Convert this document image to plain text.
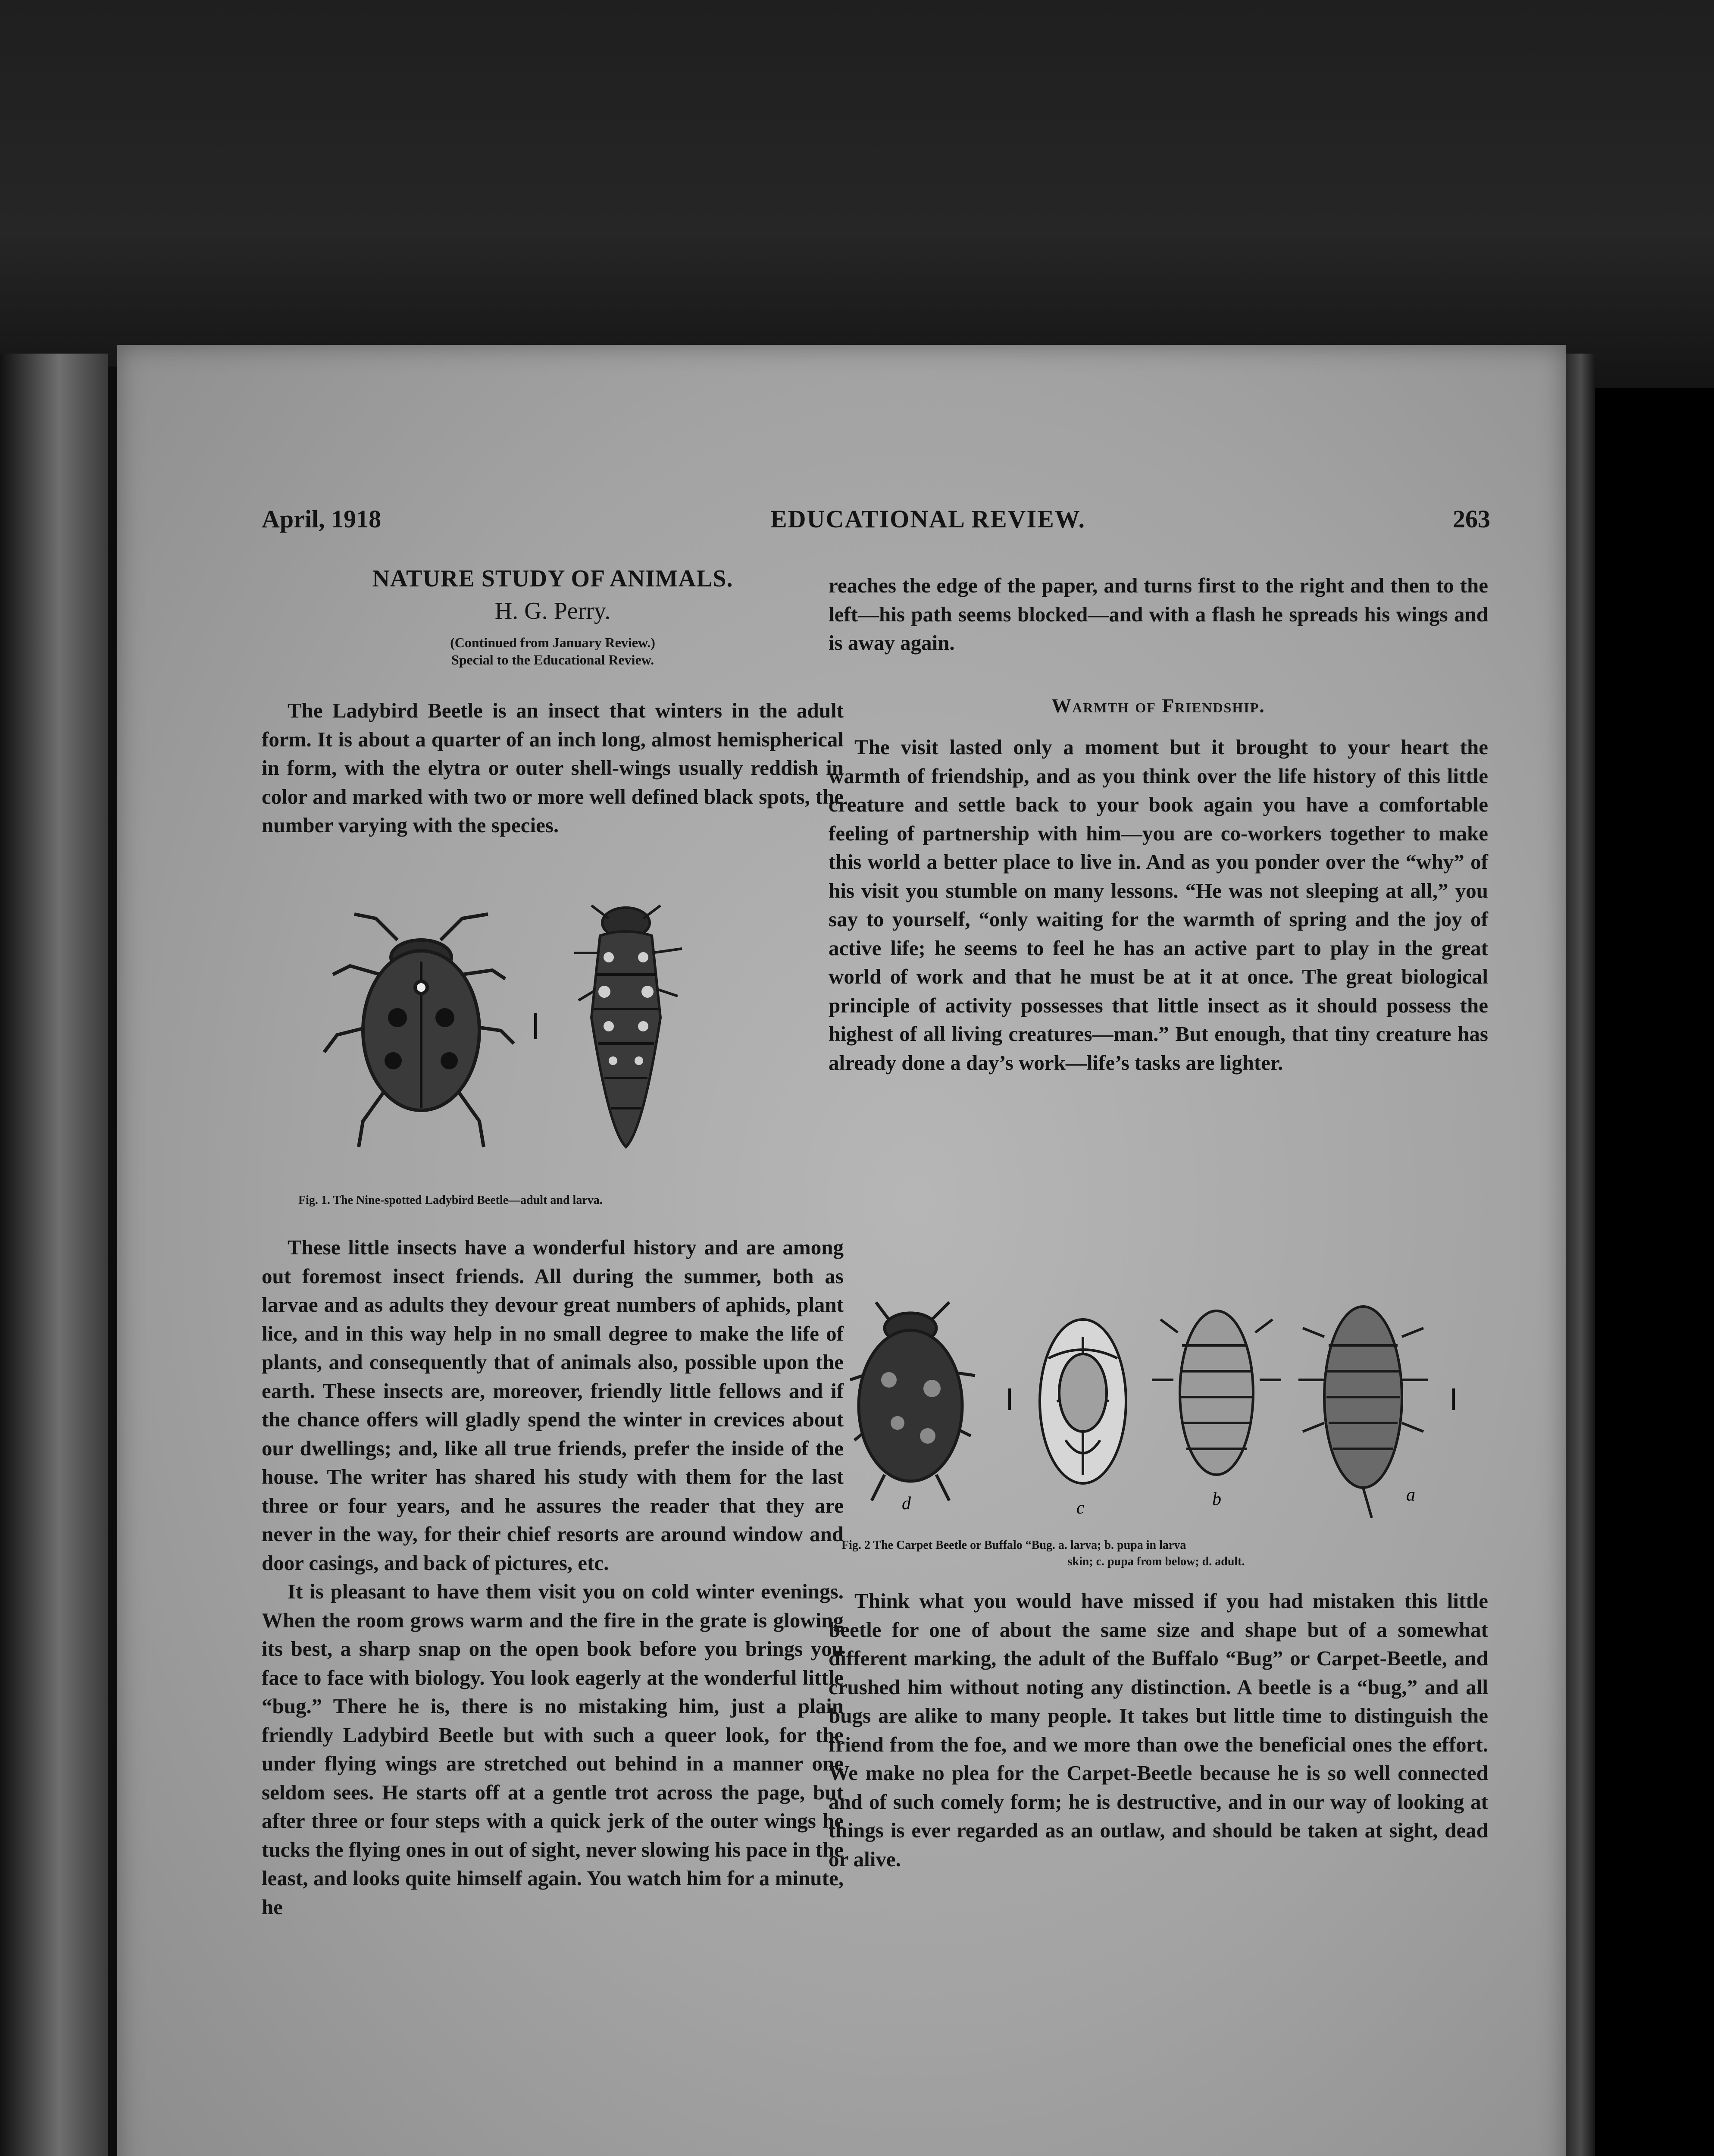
April, 1918	EDUCATIONAL REVIEW.	263
NATURE STUDY OF ANIMALS.
H. G. Perry.
(Continued from January Review.)
Special to the Educational Review.

The Ladybird Beetle is an insect that winters in the adult form. It is about a quarter of an inch long, almost hemispherical in form, with the elytra or outer shell-wings usually reddish in color and marked with two or more well defined black spots, the number varying with the species.

Fig. 1. The Nine-spotted Ladybird Beetle—adult and larva.

These little insects have a wonderful history and are among out foremost insect friends. All during the summer, both as larvae and as adults they devour great numbers of aphids, plant lice, and in this way help in no small degree to make the life of plants, and consequently that of animals also, possible upon the earth. These insects are, moreover, friendly little fellows and if the chance offers will gladly spend the winter in crevices about our dwellings; and, like all true friends, prefer the inside of the house. The writer has shared his study with them for the last three or four years, and he assures the reader that they are never in the way, for their chief resorts are around window and door casings, and back of pictures, etc.

It is pleasant to have them visit you on cold winter evenings. When the room grows warm and the fire in the grate is glowing its best, a sharp snap on the open book before you brings you face to face with biology. You look eagerly at the wonderful little “bug.” There he is, there is no mistaking him, just a plain friendly Ladybird Beetle but with such a queer look, for the under flying wings are stretched out behind in a manner one seldom sees. He starts off at a gentle trot across the page, but after three or four steps with a quick jerk of the outer wings he tucks the flying ones in out of sight, never slowing his pace in the least, and looks quite himself again. You watch him for a minute, he

reaches the edge of the paper, and turns first to the right and then to the left—his path seems blocked—and with a flash he spreads his wings and is away again.

Warmth of Friendship.

The visit lasted only a moment but it brought to your heart the warmth of friendship, and as you think over the life history of this little creature and settle back to your book again you have a comfortable feeling of partnership with him—you are co-workers together to make this world a better place to live in. And as you ponder over the “why” of his visit you stumble on many lessons. “He was not sleeping at all,” you say to yourself, “only waiting for the warmth of spring and the joy of active life; he seems to feel he has an active part to play in the great world of work and that he must be at it at once. The great biological principle of activity possesses that little insect as it should possess the highest of all living creatures—man.” But enough, that tiny creature has already done a day’s work—life’s tasks are lighter.

d	c	b	a
Fig. 2 The Carpet Beetle or Buffalo “Bug. a. larva; b. pupa in larva
skin; c. pupa from below; d. adult.

Think what you would have missed if you had mistaken this little beetle for one of about the same size and shape but of a somewhat different marking, the adult of the Buffalo “Bug” or Carpet-Beetle, and crushed him without noting any distinction. A beetle is a “bug,” and all bugs are alike to many people. It takes but little time to distinguish the friend from the foe, and we more than owe the beneficial ones the effort. We make no plea for the Carpet-Beetle because he is so well connected and of such comely form; he is destructive, and in our way of looking at things is ever regarded as an outlaw, and should be taken at sight, dead or alive.
